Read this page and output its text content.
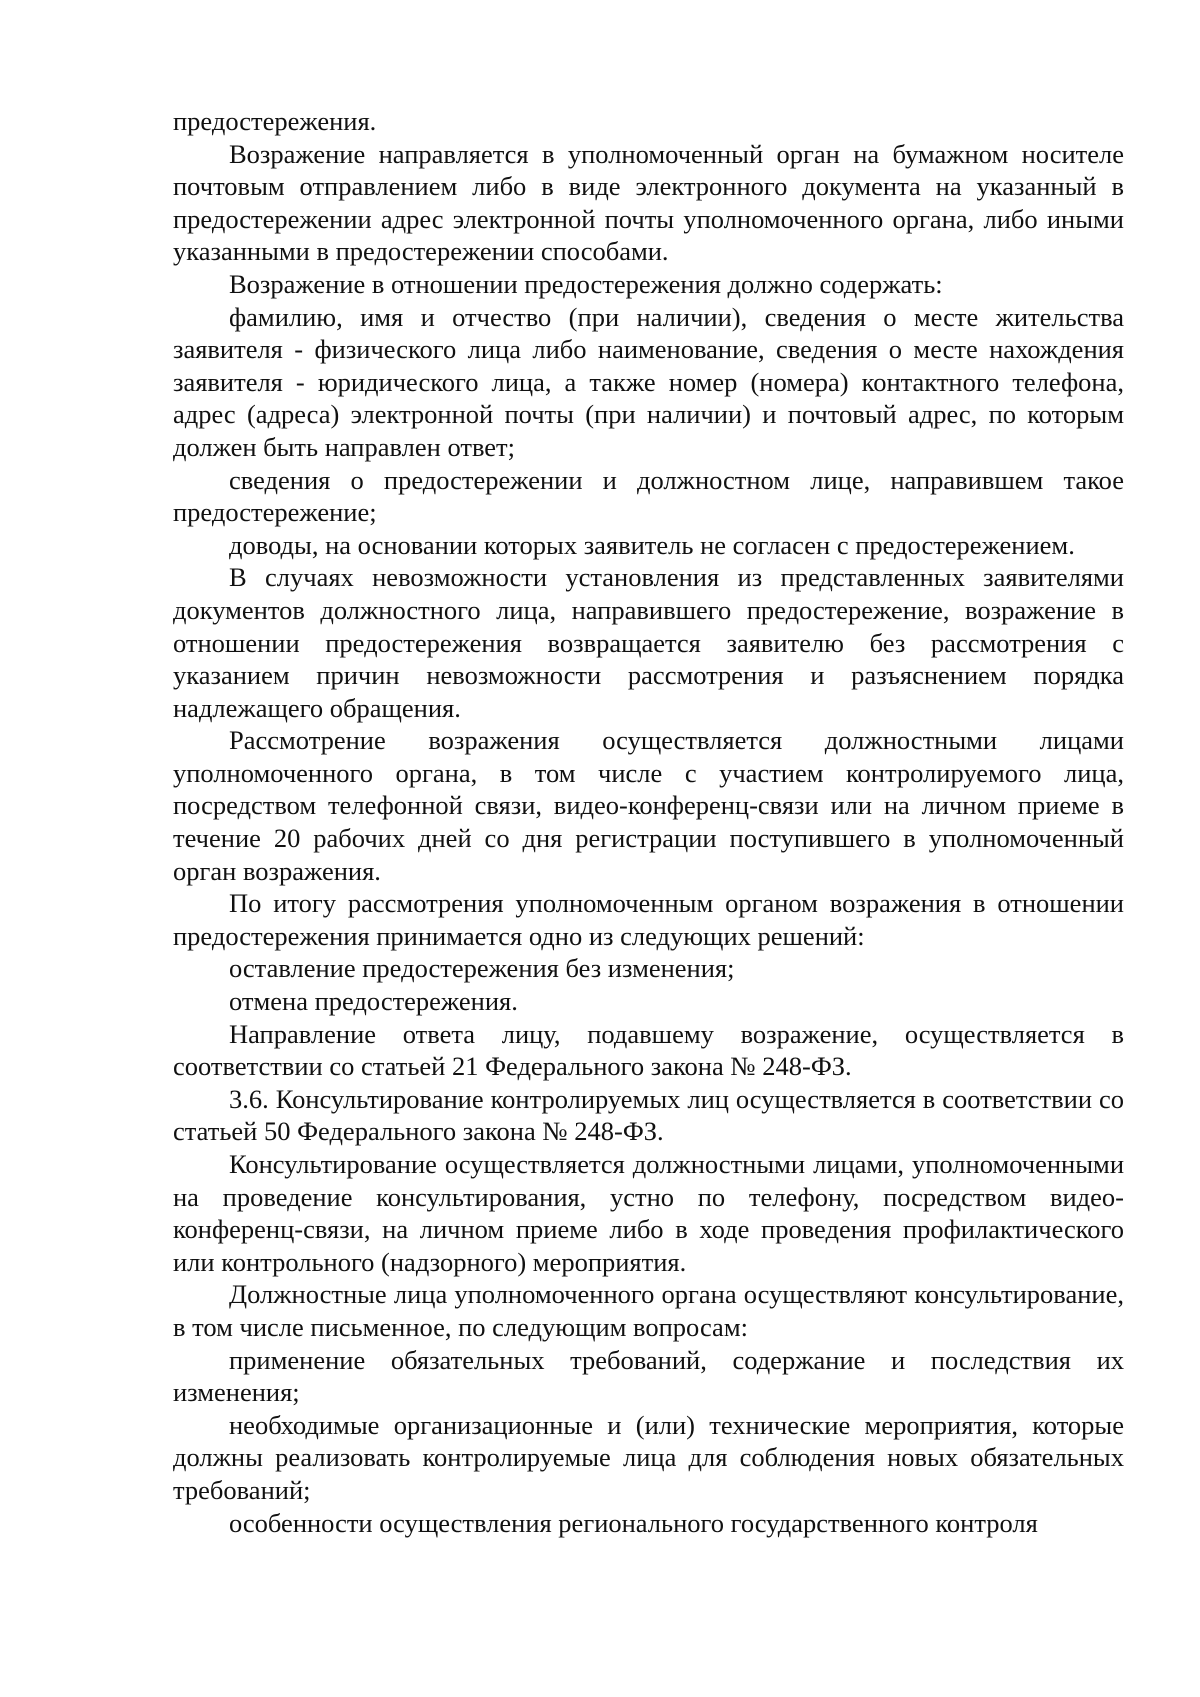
предостережения.

Возражение направляется в уполномоченный орган на бумажном носителе почтовым отправлением либо в виде электронного документа на указанный в предостережении адрес электронной почты уполномоченного органа, либо иными указанными в предостережении способами.

Возражение в отношении предостережения должно содержать:

фамилию, имя и отчество (при наличии), сведения о месте жительства заявителя - физического лица либо наименование, сведения о месте нахождения заявителя - юридического лица, а также номер (номера) контактного телефона, адрес (адреса) электронной почты (при наличии) и почтовый адрес, по которым должен быть направлен ответ;

сведения о предостережении и должностном лице, направившем такое предостережение;

доводы, на основании которых заявитель не согласен с предостережением.

В случаях невозможности установления из представленных заявителями документов должностного лица, направившего предостережение, возражение в отношении предостережения возвращается заявителю без рассмотрения с указанием причин невозможности рассмотрения и разъяснением порядка надлежащего обращения.

Рассмотрение возражения осуществляется должностными лицами уполномоченного органа, в том числе с участием контролируемого лица, посредством телефонной связи, видео-конференц-связи или на личном приеме в течение 20 рабочих дней со дня регистрации поступившего в уполномоченный орган возражения.

По итогу рассмотрения уполномоченным органом возражения в отношении предостережения принимается одно из следующих решений:

оставление предостережения без изменения;

отмена предостережения.

Направление ответа лицу, подавшему возражение, осуществляется в соответствии со статьей 21 Федерального закона № 248-ФЗ.

3.6. Консультирование контролируемых лиц осуществляется в соответствии со статьей 50 Федерального закона № 248-ФЗ.

Консультирование осуществляется должностными лицами, уполномоченными на проведение консультирования, устно по телефону, посредством видео-конференц-связи, на личном приеме либо в ходе проведения профилактического или контрольного (надзорного) мероприятия.

Должностные лица уполномоченного органа осуществляют консультирование, в том числе письменное, по следующим вопросам:

применение обязательных требований, содержание и последствия их изменения;

необходимые организационные и (или) технические мероприятия, которые должны реализовать контролируемые лица для соблюдения новых обязательных требований;

особенности осуществления регионального государственного контроля
